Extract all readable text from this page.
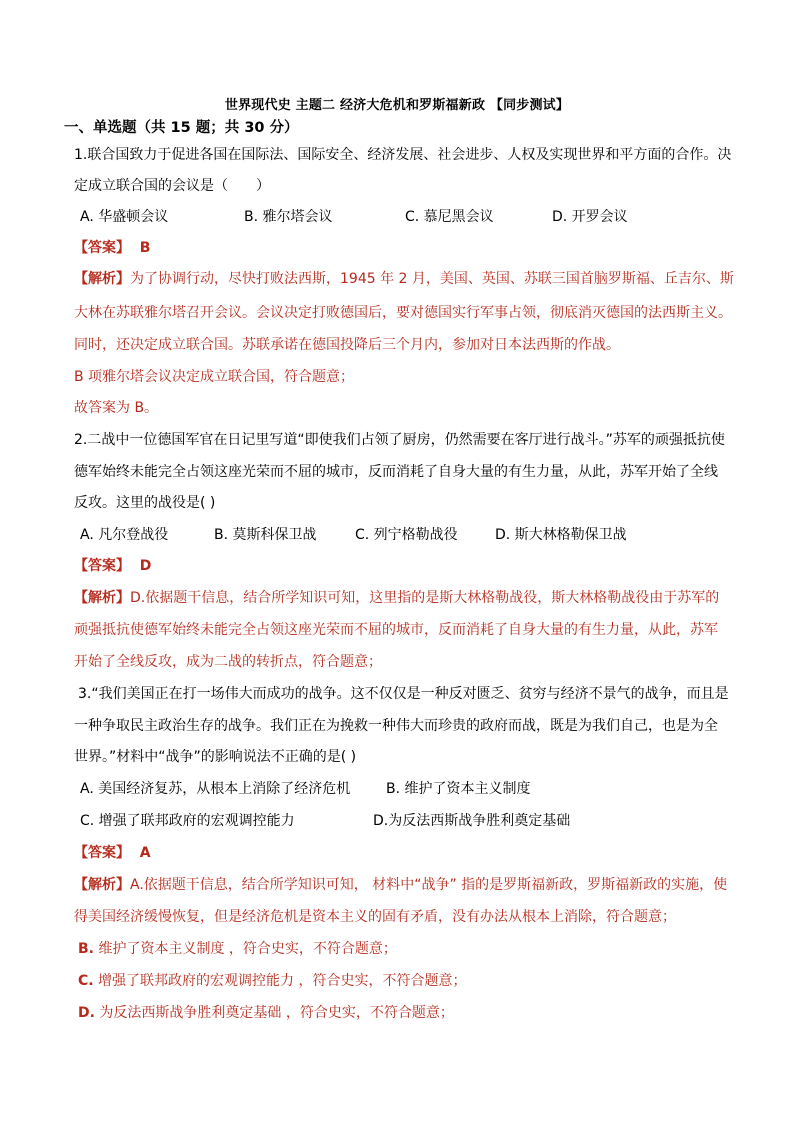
世界现代史 主题二 经济大危机和罗斯福新政 【同步测试】
一、单选题（共 15 题；共 30 分）
1.联合国致力于促进各国在国际法、国际安全、经济发展、社会进步、人权及实现世界和平方面的合作。决
定成立联合国的会议是（　　）
A. 华盛顿会议	B. 雅尔塔会议	C. 慕尼黑会议	D. 开罗会议
【答案】 B
【解析】为了协调行动，尽快打败法西斯，1945 年 2 月，美国、英国、苏联三国首脑罗斯福、丘吉尔、斯
大林在苏联雅尔塔召开会议。会议决定打败德国后，要对德国实行军事占领，彻底消灭德国的法西斯主义。
同时，还决定成立联合国。苏联承诺在德国投降后三个月内，参加对日本法西斯的作战。
B 项雅尔塔会议决定成立联合国，符合题意；
故答案为 B。
2.二战中一位德国军官在日记里写道“即使我们占领了厨房，仍然需要在客厅进行战斗。”苏军的顽强抵抗使
德军始终未能完全占领这座光荣而不屈的城市，反而消耗了自身大量的有生力量，从此，苏军开始了全线
反攻。这里的战役是( )
A. 凡尔登战役	B. 莫斯科保卫战	C. 列宁格勒战役	D. 斯大林格勒保卫战
【答案】 D
【解析】D.依据题干信息，结合所学知识可知，这里指的是斯大林格勒战役，斯大林格勒战役由于苏军的
顽强抵抗使德军始终未能完全占领这座光荣而不屈的城市，反而消耗了自身大量的有生力量，从此，苏军
开始了全线反攻，成为二战的转折点，符合题意；
3.“我们美国正在打一场伟大而成功的战争。这不仅仅是一种反对匮乏、贫穷与经济不景气的战争，而且是
一种争取民主政治生存的战争。我们正在为挽救一种伟大而珍贵的政府而战，既是为我们自己，也是为全
世界。”材料中“战争”的影响说法不正确的是( )
A. 美国经济复苏，从根本上消除了经济危机	B. 维护了资本主义制度
C. 增强了联邦政府的宏观调控能力	D.为反法西斯战争胜利奠定基础
【答案】 A
【解析】A.依据题干信息，结合所学知识可知， 材料中“战争” 指的是罗斯福新政，罗斯福新政的实施，使
得美国经济缓慢恢复，但是经济危机是资本主义的固有矛盾，没有办法从根本上消除，符合题意；
B. 维护了资本主义制度 ，符合史实，不符合题意；
C. 增强了联邦政府的宏观调控能力 ，符合史实，不符合题意；
D. 为反法西斯战争胜利奠定基础 ，符合史实，不符合题意；
